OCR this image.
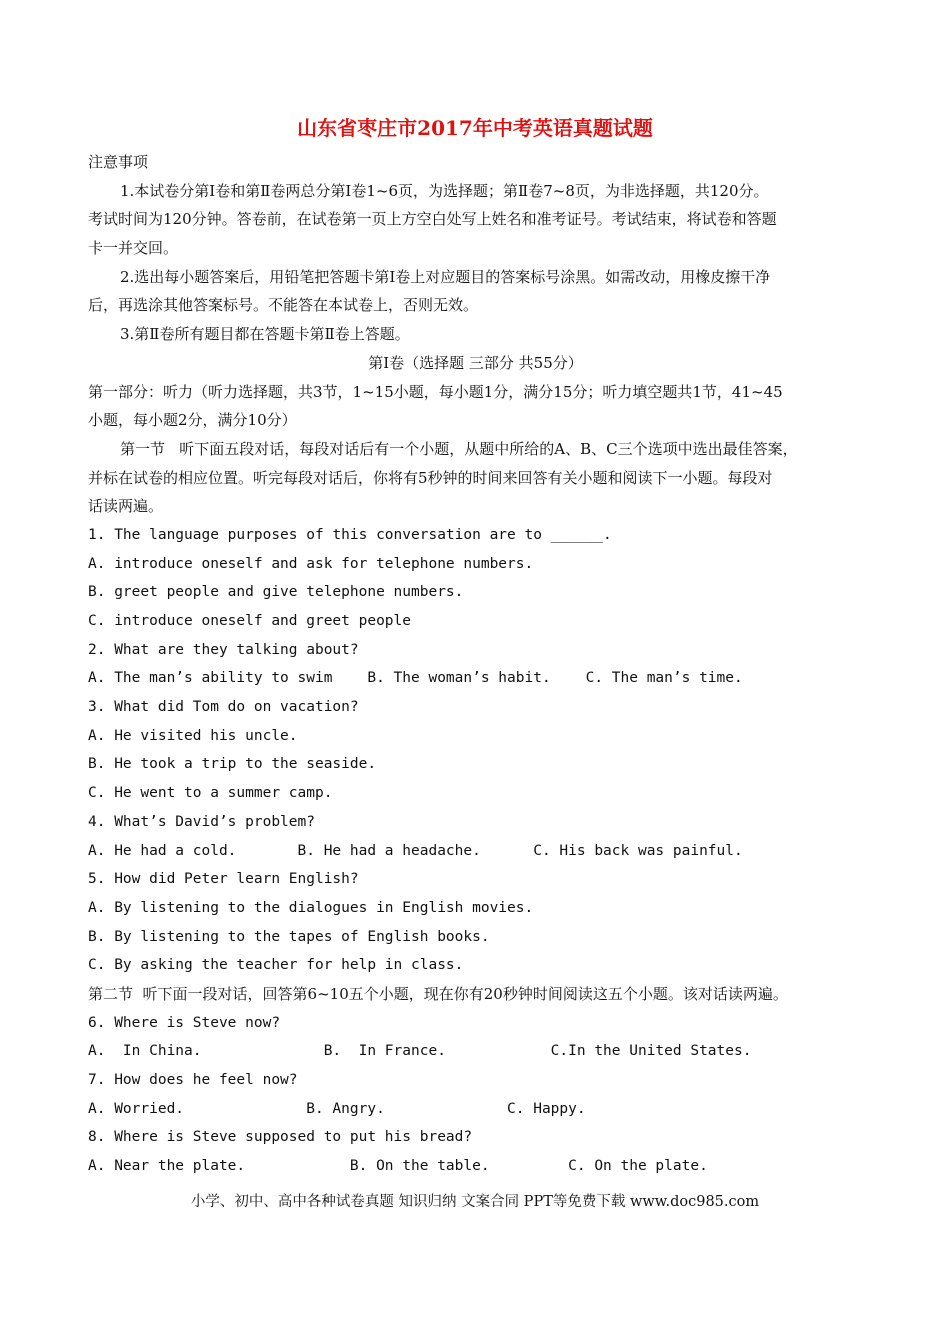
山东省枣庄市2017年中考英语真题试题
注意事项
1.本试卷分第Ⅰ卷和第Ⅱ卷两总分第Ⅰ卷1~6页，为选择题；第Ⅱ卷7~8页，为非选择题，共120分。
考试时间为120分钟。答卷前，在试卷第一页上方空白处写上姓名和准考证号。考试结束，将试卷和答题
卡一并交回。
2.选出每小题答案后，用铅笔把答题卡第Ⅰ卷上对应题目的答案标号涂黑。如需改动，用橡皮擦干净
后，再选涂其他答案标号。不能答在本试卷上，否则无效。
3.第Ⅱ卷所有题目都在答题卡第Ⅱ卷上答题。
第Ⅰ卷（选择题 三部分 共55分）
第一部分：听力（听力选择题，共3节，1~15小题，每小题1分，满分15分；听力填空题共1节，41~45
小题，每小题2分，满分10分）
第一节   听下面五段对话，每段对话后有一个小题，从题中所给的A、B、C三个选项中选出最佳答案，
并标在试卷的相应位置。听完每段对话后，你将有5秒钟的时间来回答有关小题和阅读下一小题。每段对
话读两遍。
1. The language purposes of this conversation are to ______.
A. introduce oneself and ask for telephone numbers.
B. greet people and give telephone numbers.
C. introduce oneself and greet people
2. What are they talking about?
A. The man’s ability to swim    B. The woman’s habit.    C. The man’s time.
3. What did Tom do on vacation?
A. He visited his uncle.
B. He took a trip to the seaside.
C. He went to a summer camp.
4. What’s David’s problem?
A. He had a cold.       B. He had a headache.      C. His back was painful.
5. How did Peter learn English?
A. By listening to the dialogues in English movies.
B. By listening to the tapes of English books.
C. By asking the teacher for help in class.
第二节  听下面一段对话，回答第6~10五个小题，现在你有20秒钟时间阅读这五个小题。该对话读两遍。
6. Where is Steve now?
A.  In China.              B.  In France.            C.In the United States.
7. How does he feel now?
A. Worried.              B. Angry.              C. Happy.
8. Where is Steve supposed to put his bread?
A. Near the plate.            B. On the table.         C. On the plate.
小学、初中、高中各种试卷真题 知识归纳 文案合同 PPT等免费下载 www.doc985.com
